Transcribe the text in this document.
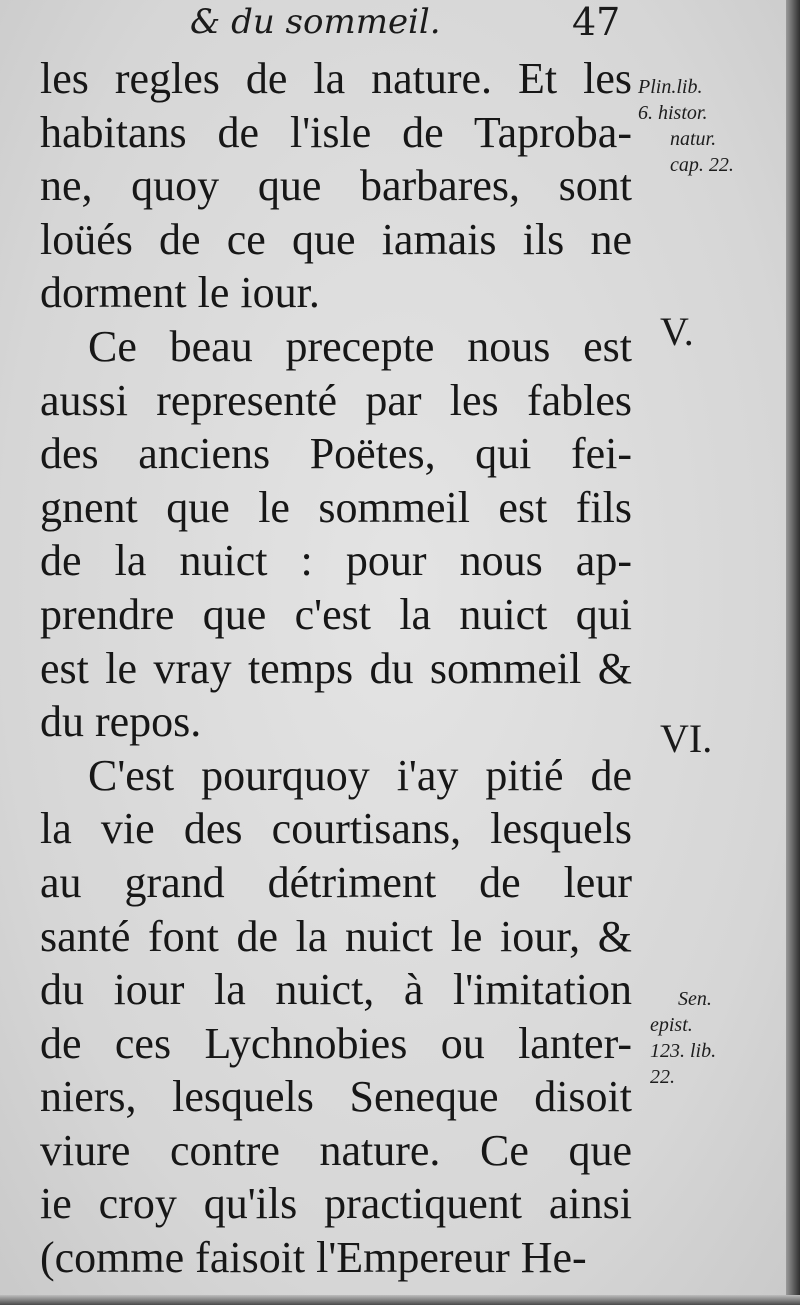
& du sommeil.	47
les regles de la nature. Et les
habitans de l'isle de Taproba-
ne, quoy que barbares, sont
loüés de ce que iamais ils ne
dorment le iour.
Ce beau precepte nous est
aussi representé par les fables
des anciens Poëtes, qui fei-
gnent que le sommeil est fils
de la nuict : pour nous ap-
prendre que c'est la nuict qui
est le vray temps du sommeil &
du repos.
C'est pourquoy i'ay pitié de
la vie des courtisans, lesquels
au grand détriment de leur
santé font de la nuict le iour, &
du iour la nuict, à l'imitation
de ces Lychnobies ou lanter-
niers, lesquels Seneque disoit
viure contre nature. Ce que
ie croy qu'ils practiquent ainsi
(comme faisoit l'Empereur He-
Plin.lib.
6. histor.
natur.
cap. 22.
V.
VI.
Sen.
epist.
123. lib.
22.
